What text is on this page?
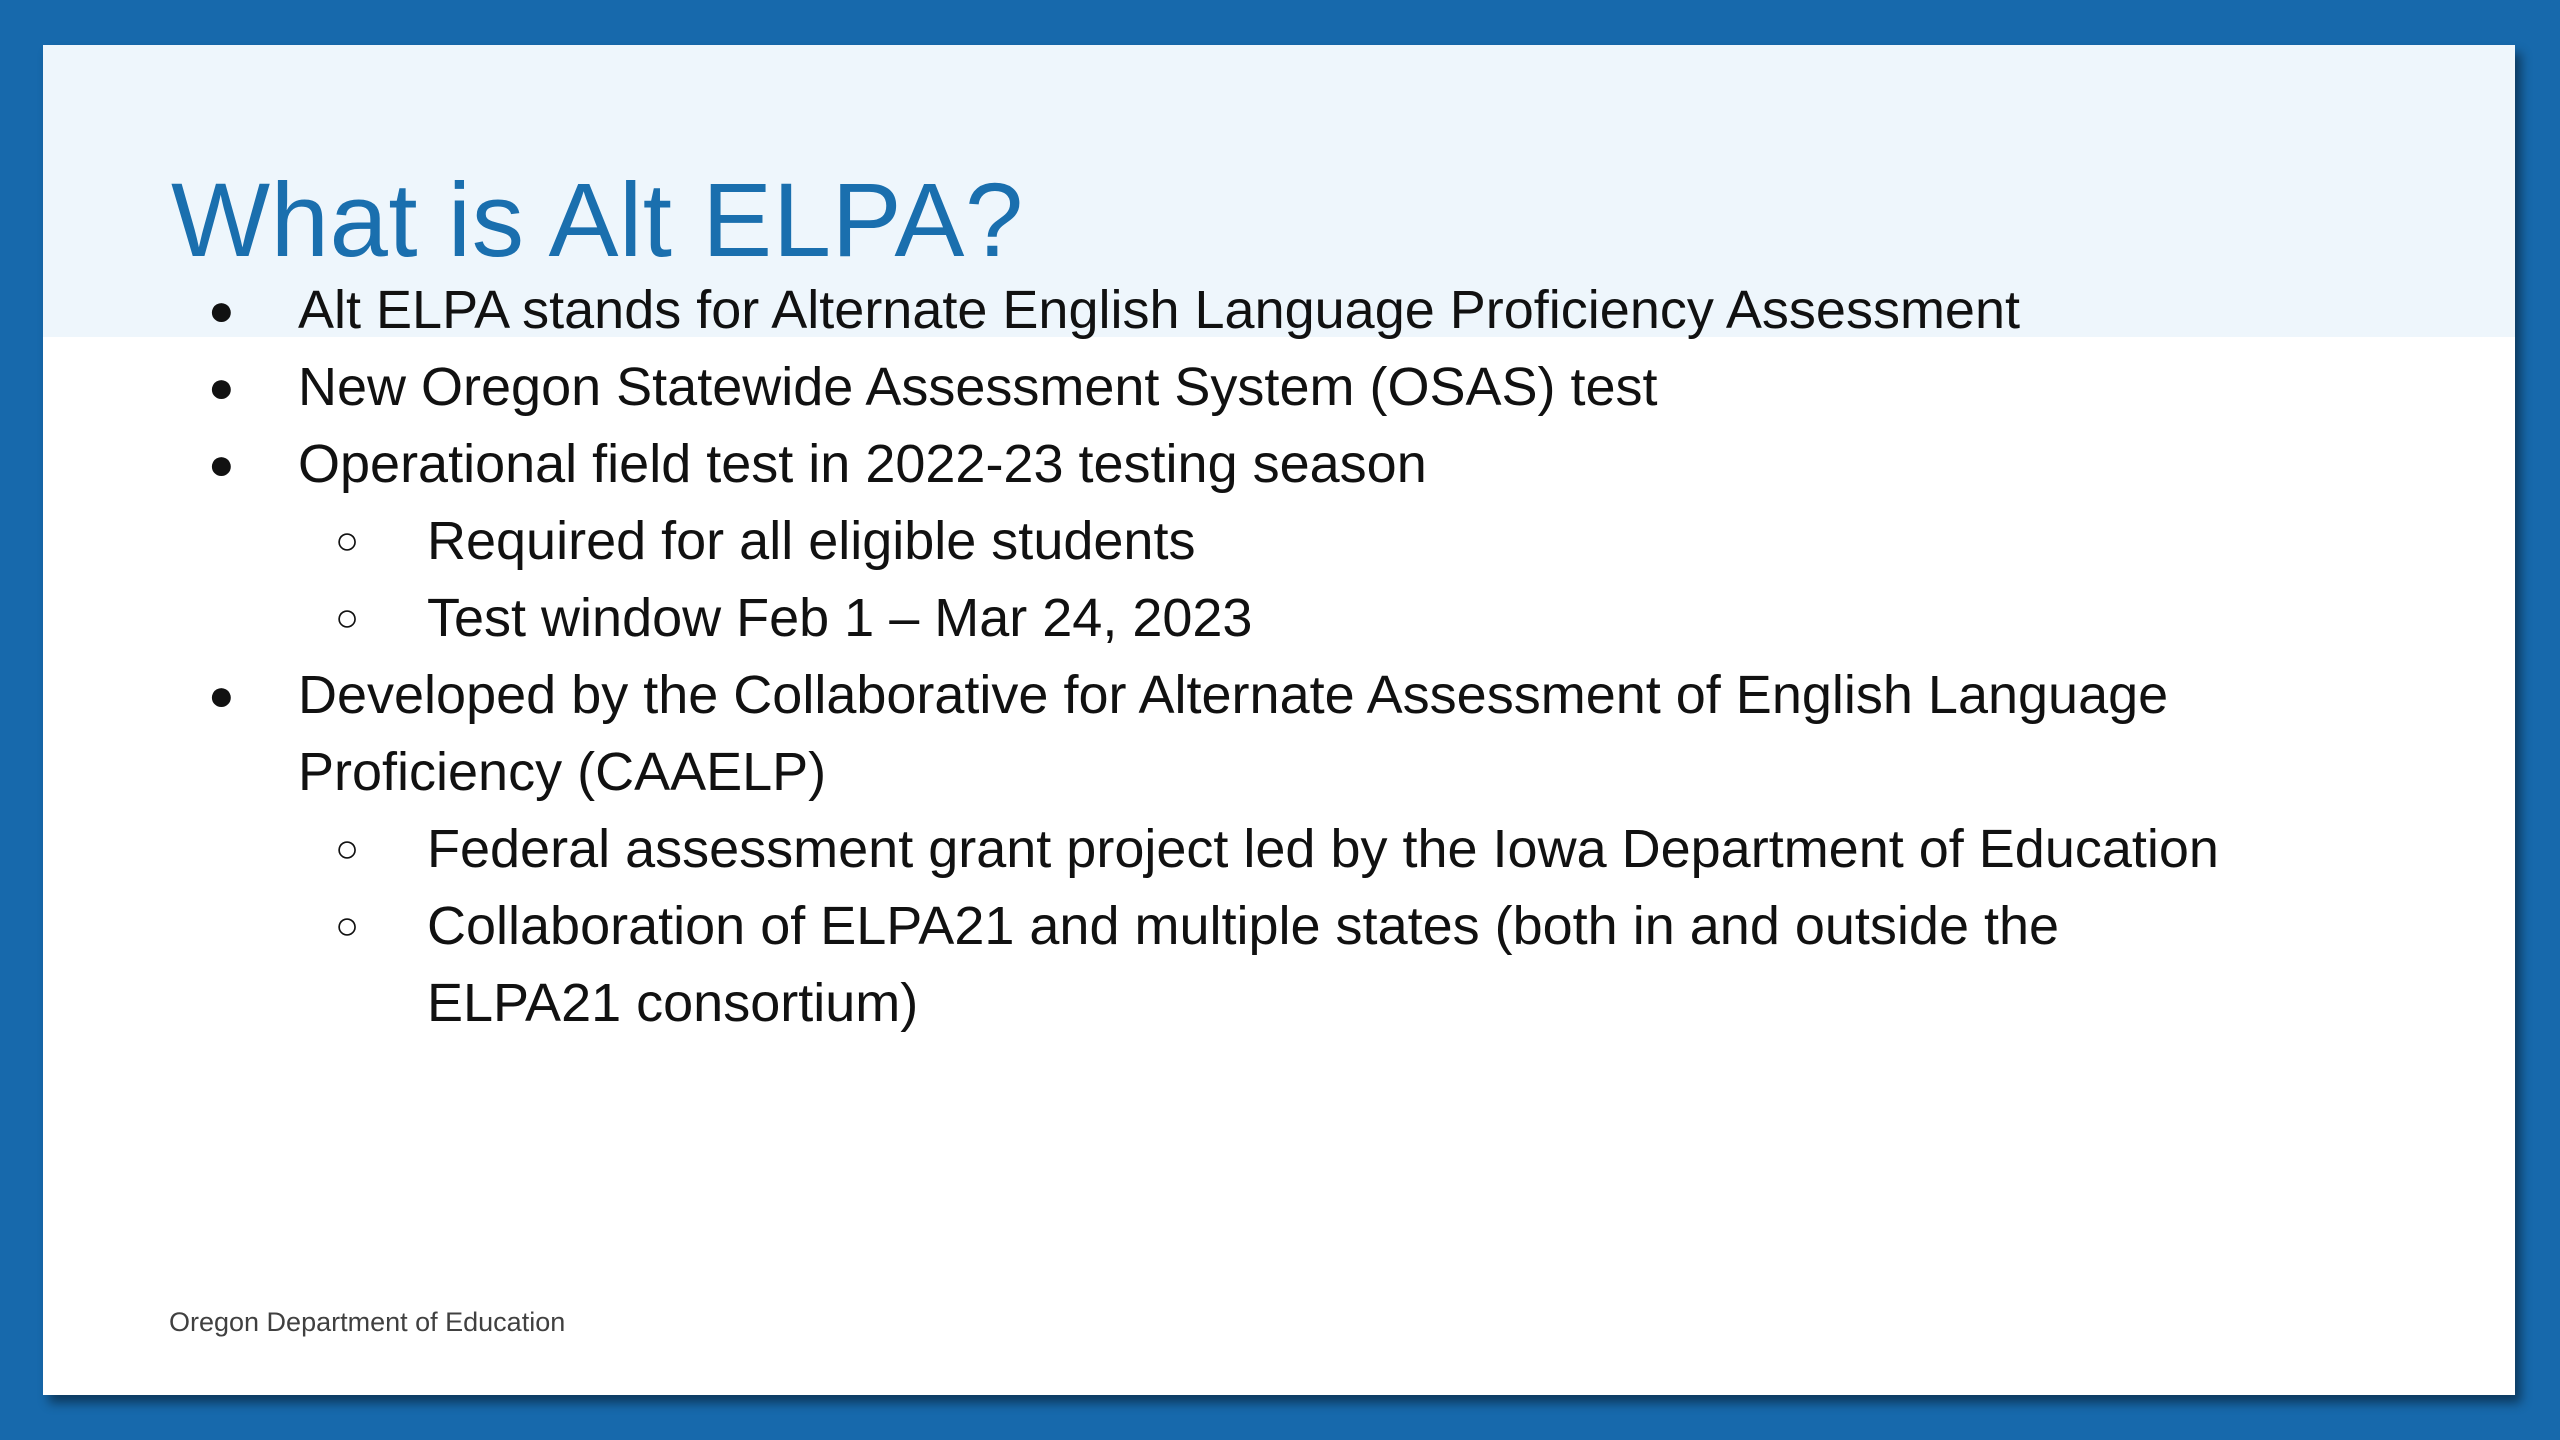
What is Alt ELPA?
Alt ELPA stands for Alternate English Language Proficiency Assessment
New Oregon Statewide Assessment System (OSAS) test
Operational field test in 2022-23 testing season
Required for all eligible students
Test window Feb 1 – Mar 24, 2023
Developed by the Collaborative for Alternate Assessment of English Language
Proficiency (CAAELP)
Federal assessment grant project led by the Iowa Department of Education
Collaboration of ELPA21 and multiple states (both in and outside the
ELPA21 consortium)
●
●
●
○
○
●
○
○
Oregon Department of Education
